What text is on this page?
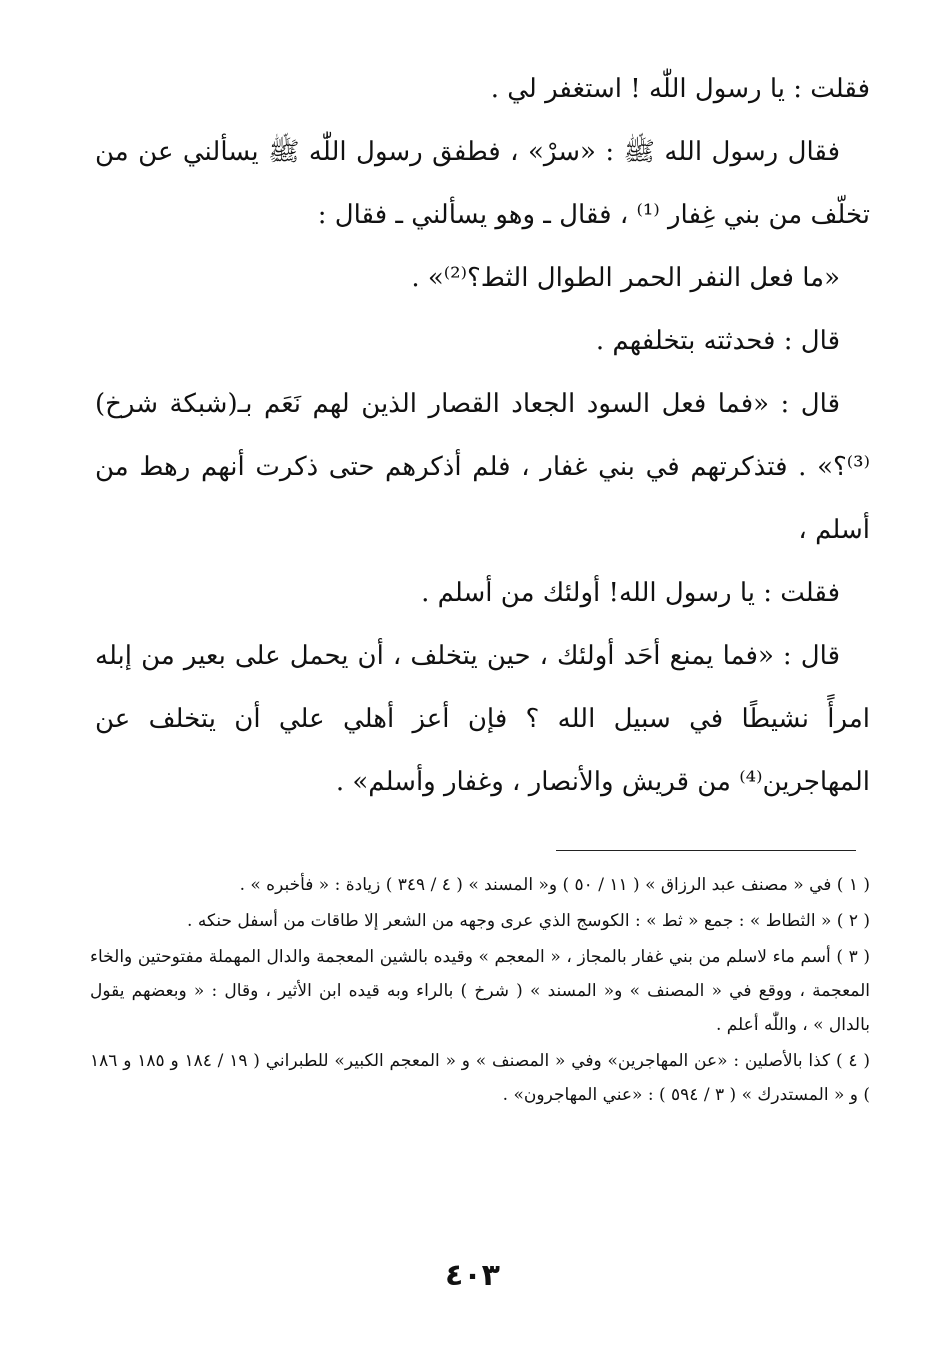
فقلت : يا رسول اللّٰه ! استغفر لي .

فقال رسول الله ﷺ : «سرْ» ، فطفق رسول اللّٰه ﷺ يسألني عن من تخلّف من بني غِفار ⁽¹⁾ ، فقال ـ وهو يسألني ـ فقال :

«ما فعل النفر الحمر الطوال الثط؟⁽²⁾» .

قال : فحدثته بتخلفهم .

قال : «فما فعل السود الجعاد القصار الذين لهم نَعَم بـ(شبكة شرخ)⁽³⁾؟» . فتذكرتهم في بني غفار ، فلم أذكرهم حتى ذكرت أنهم رهط من أسلم ،

فقلت : يا رسول الله! أولئك من أسلم .

قال : «فما يمنع أحَد أولئك ، حين يتخلف ، أن يحمل على بعير من إبله امرأً نشيطًا في سبيل الله ؟ فإن أعز أهلي علي أن يتخلف عن المهاجرين⁽⁴⁾ من قريش والأنصار ، وغفار وأسلم» .

( ١ ) في « مصنف عبد الرزاق » ( ١١ / ٥٠ ) و« المسند » ( ٤ / ٣٤٩ ) زيادة : « فأخبره » .

( ٢ ) « الثطاط » : جمع « ثط » : الكوسج الذي عرى وجهه من الشعر إلا طاقات من أسفل حنكه .

( ٣ ) أسم ماء لاسلم من بني غفار بالمجاز ، « المعجم » وقيده بالشين المعجمة والدال المهملة مفتوحتين والخاء المعجمة ، ووقع في « المصنف » و« المسند » ( شرخ ) بالراء وبه قيده ابن الأثير ، وقال : « وبعضهم يقول بالدال » ، واللّٰه أعلم .

( ٤ ) كذا بالأصلين : «عن المهاجرين» وفي « المصنف » و « المعجم الكبير» للطبراني ( ١٩ / ١٨٤ و ١٨٥ و ١٨٦ ) و « المستدرك » ( ٣ / ٥٩٤ ) : «عني المهاجرون» .

٤٠٣
